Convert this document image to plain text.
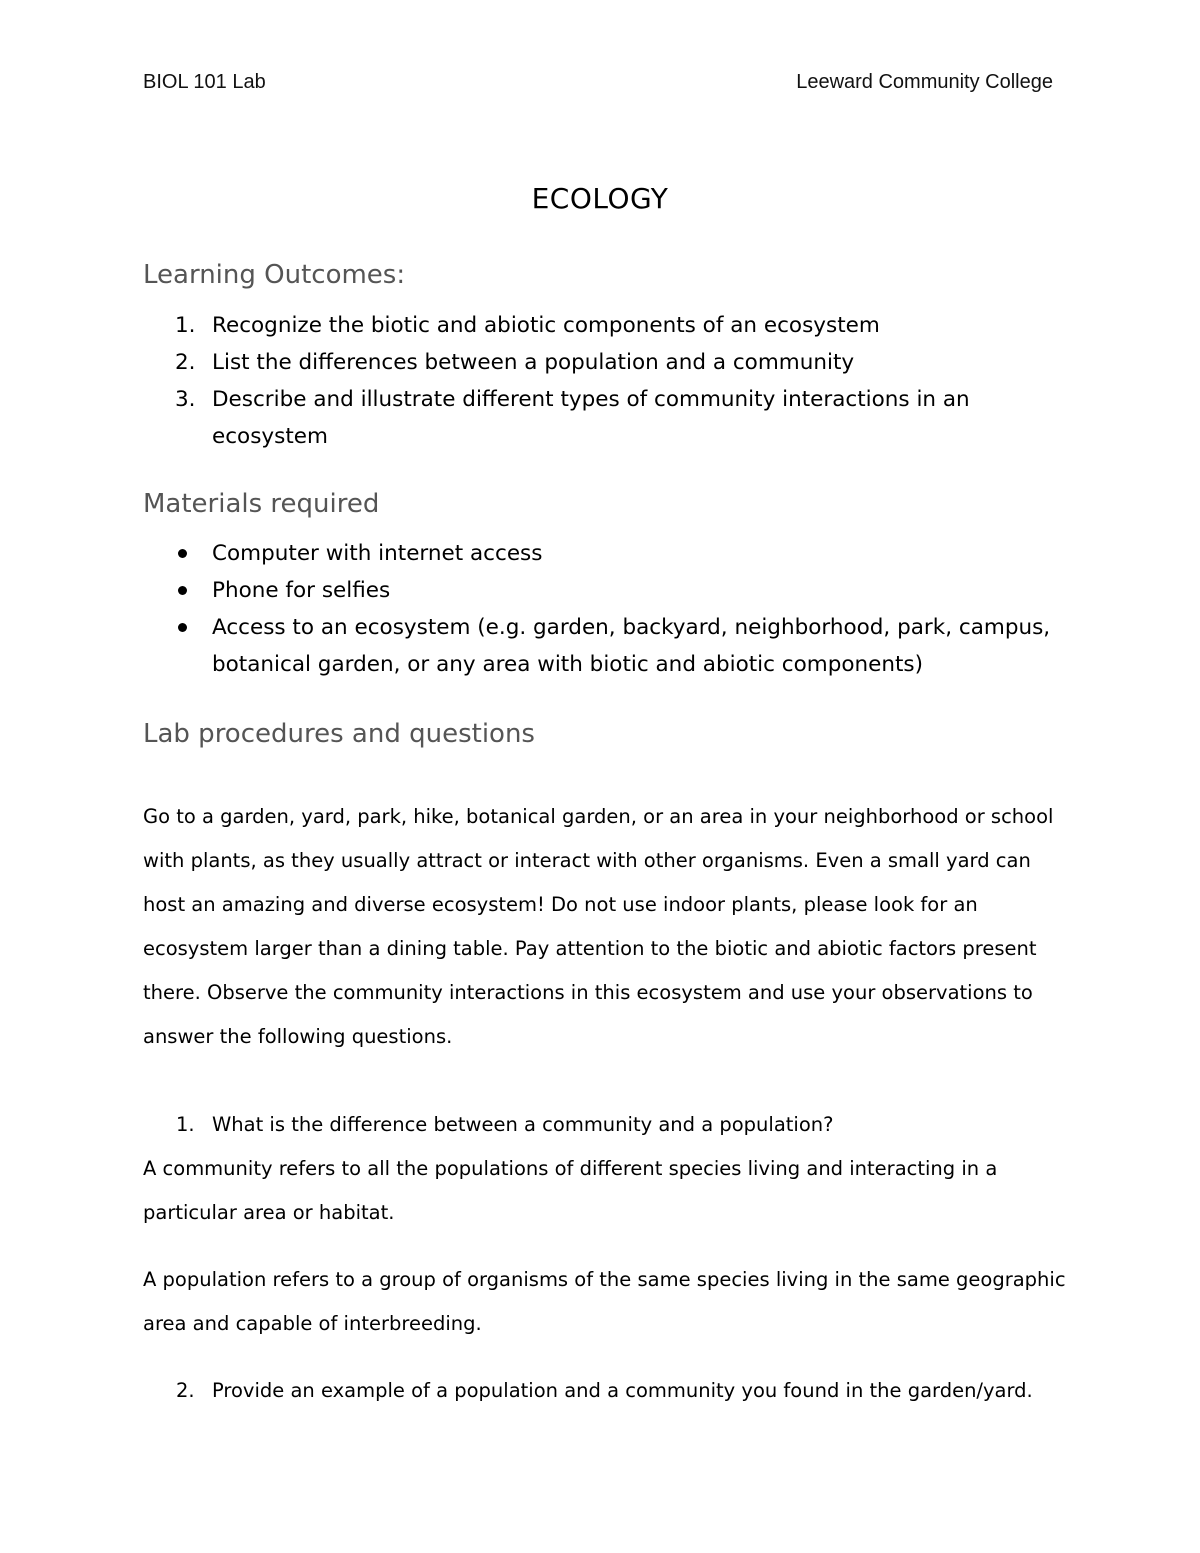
BIOL 101 Lab	Leeward Community College
ECOLOGY
Learning Outcomes:
1. Recognize the biotic and abiotic components of an ecosystem
2. List the differences between a population and a community
3. Describe and illustrate different types of community interactions in an ecosystem
Materials required
Computer with internet access
Phone for selfies
Access to an ecosystem (e.g. garden, backyard, neighborhood, park, campus, botanical garden, or any area with biotic and abiotic components)
Lab procedures and questions

Go to a garden, yard, park, hike, botanical garden, or an area in your neighborhood or school with plants, as they usually attract or interact with other organisms. Even a small yard can host an amazing and diverse ecosystem! Do not use indoor plants, please look for an ecosystem larger than a dining table. Pay attention to the biotic and abiotic factors present there. Observe the community interactions in this ecosystem and use your observations to answer the following questions.

1. What is the difference between a community and a population?

A community refers to all the populations of different species living and interacting in a particular area or habitat.

A population refers to a group of organisms of the same species living in the same geographic area and capable of interbreeding.

2. Provide an example of a population and a community you found in the garden/yard.
